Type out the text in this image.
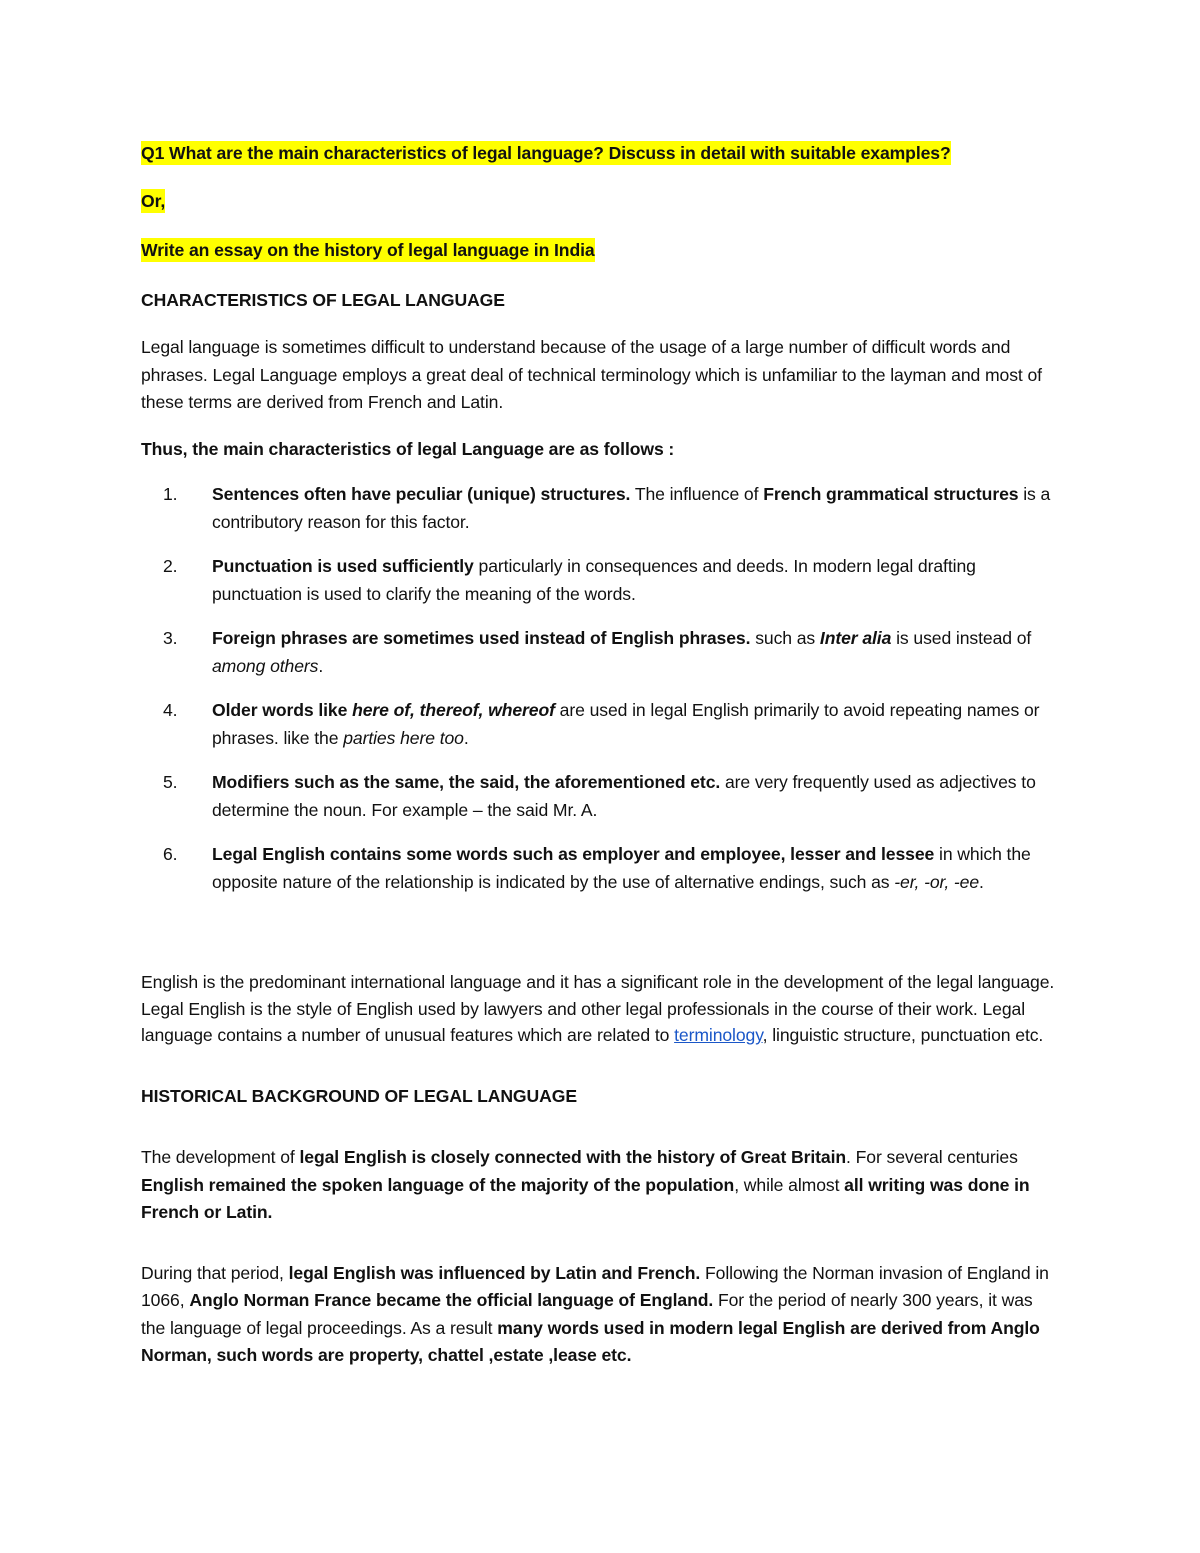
Q1 What are the main characteristics of legal language? Discuss in detail with suitable examples?

Or,

Write an essay on the history of legal language in India

CHARACTERISTICS OF LEGAL LANGUAGE

Legal language is sometimes difficult to understand because of the usage of a large number of difficult words and phrases. Legal Language employs a great deal of technical terminology which is unfamiliar to the layman and most of these terms are derived from French and Latin.

Thus, the main characteristics of legal Language are as follows :

1. Sentences often have peculiar (unique) structures. The influence of French grammatical structures is a contributory reason for this factor.
2. Punctuation is used sufficiently particularly in consequences and deeds. In modern legal drafting punctuation is used to clarify the meaning of the words.
3. Foreign phrases are sometimes used instead of English phrases. such as Inter alia is used instead of among others.
4. Older words like here of, thereof, whereof are used in legal English primarily to avoid repeating names or phrases. like the parties here too.
5. Modifiers such as the same, the said, the aforementioned etc. are very frequently used as adjectives to determine the noun. For example – the said Mr. A.
6. Legal English contains some words such as employer and employee, lesser and lessee in which the opposite nature of the relationship is indicated by the use of alternative endings, such as -er, -or, -ee.

English is the predominant international language and it has a significant role in the development of the legal language. Legal English is the style of English used by lawyers and other legal professionals in the course of their work. Legal language contains a number of unusual features which are related to terminology, linguistic structure, punctuation etc.

HISTORICAL BACKGROUND OF LEGAL LANGUAGE

The development of legal English is closely connected with the history of Great Britain. For several centuries English remained the spoken language of the majority of the population, while almost all writing was done in French or Latin.

During that period, legal English was influenced by Latin and French. Following the Norman invasion of England in 1066, Anglo Norman France became the official language of England. For the period of nearly 300 years, it was the language of legal proceedings. As a result many words used in modern legal English are derived from Anglo Norman, such words are property, chattel ,estate ,lease etc.
